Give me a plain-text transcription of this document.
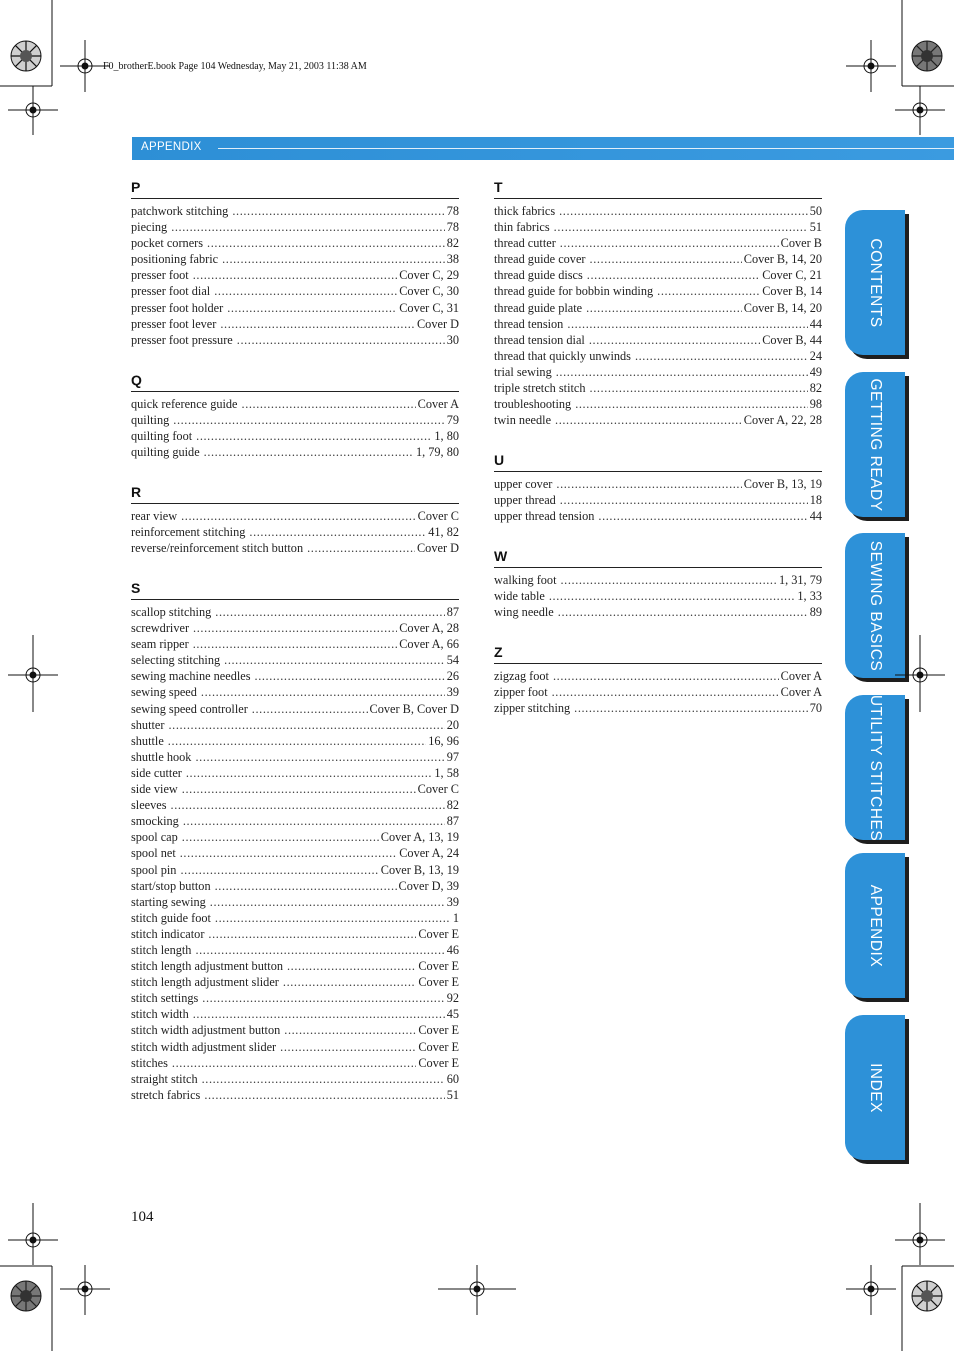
F0_brotherE.book Page 104 Wednesday, May 21, 2003 11:38 AM
APPENDIX
P
patchwork stitching .....	78
piecing .....	78
pocket corners .....	82
positioning fabric .....	38
presser foot .....	Cover C, 29
presser foot dial .....	Cover C, 30
presser foot holder .....	Cover C, 31
presser foot lever .....	Cover D
presser foot pressure .....	30
Q
quick reference guide .....	Cover A
quilting .....	79
quilting foot .....	1, 80
quilting guide .....	1, 79, 80
R
rear view .....	Cover C
reinforcement stitching .....	41, 82
reverse/reinforcement stitch button .....	Cover D
S
scallop stitching .....	87
screwdriver .....	Cover A, 28
seam ripper .....	Cover A, 66
selecting stitching .....	54
sewing machine needles .....	26
sewing speed .....	39
sewing speed controller .....	Cover B, Cover D
shutter .....	20
shuttle .....	16, 96
shuttle hook .....	97
side cutter .....	1, 58
side view .....	Cover C
sleeves .....	82
smocking .....	87
spool cap .....	Cover A, 13, 19
spool net .....	Cover A, 24
spool pin .....	Cover B, 13, 19
start/stop button .....	Cover D, 39
starting sewing .....	39
stitch guide foot .....	1
stitch indicator .....	Cover E
stitch length .....	46
stitch length adjustment button .....	Cover E
stitch length adjustment slider .....	Cover E
stitch settings .....	92
stitch width .....	45
stitch width adjustment button .....	Cover E
stitch width adjustment slider .....	Cover E
stitches .....	Cover E
straight stitch .....	60
stretch fabrics .....	51
T
thick fabrics .....	50
thin fabrics .....	51
thread cutter .....	Cover B
thread guide cover .....	Cover B, 14, 20
thread guide discs .....	Cover C, 21
thread guide for bobbin winding .....	Cover B, 14
thread guide plate .....	Cover B, 14, 20
thread tension .....	44
thread tension dial .....	Cover B, 44
thread that quickly unwinds .....	24
trial sewing .....	49
triple stretch stitch .....	82
troubleshooting .....	98
twin needle .....	Cover A, 22, 28
U
upper cover .....	Cover B, 13, 19
upper thread .....	18
upper thread tension .....	44
W
walking foot .....	1, 31, 79
wide table .....	1, 33
wing needle .....	89
Z
zigzag foot .....	Cover A
zipper foot .....	Cover A
zipper stitching .....	70
CONTENTS
GETTING READY
SEWING BASICS
UTILITY STITCHES
APPENDIX
INDEX
104
